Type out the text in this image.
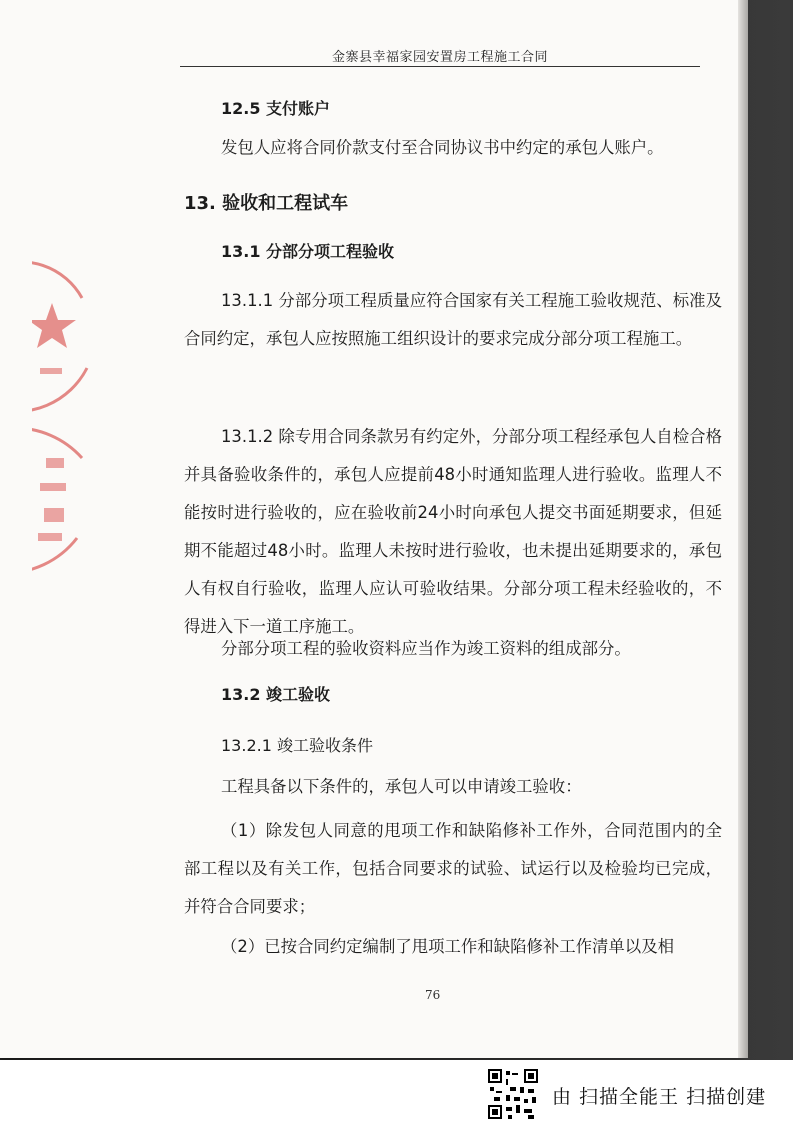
金寨县幸福家园安置房工程施工合同
12.5 支付账户
发包人应将合同价款支付至合同协议书中约定的承包人账户。
13. 验收和工程试车
13.1 分部分项工程验收
13.1.1 分部分项工程质量应符合国家有关工程施工验收规范、标准及合同约定，承包人应按照施工组织设计的要求完成分部分项工程施工。
13.1.2 除专用合同条款另有约定外，分部分项工程经承包人自检合格并具备验收条件的，承包人应提前48小时通知监理人进行验收。监理人不能按时进行验收的，应在验收前24小时向承包人提交书面延期要求，但延期不能超过48小时。监理人未按时进行验收，也未提出延期要求的，承包人有权自行验收，监理人应认可验收结果。分部分项工程未经验收的，不得进入下一道工序施工。
分部分项工程的验收资料应当作为竣工资料的组成部分。
13.2 竣工验收
13.2.1 竣工验收条件
工程具备以下条件的，承包人可以申请竣工验收：
（1）除发包人同意的甩项工作和缺陷修补工作外，合同范围内的全部工程以及有关工作，包括合同要求的试验、试运行以及检验均已完成，并符合合同要求；
（2）已按合同约定编制了甩项工作和缺陷修补工作清单以及相
76
由 扫描全能王 扫描创建
